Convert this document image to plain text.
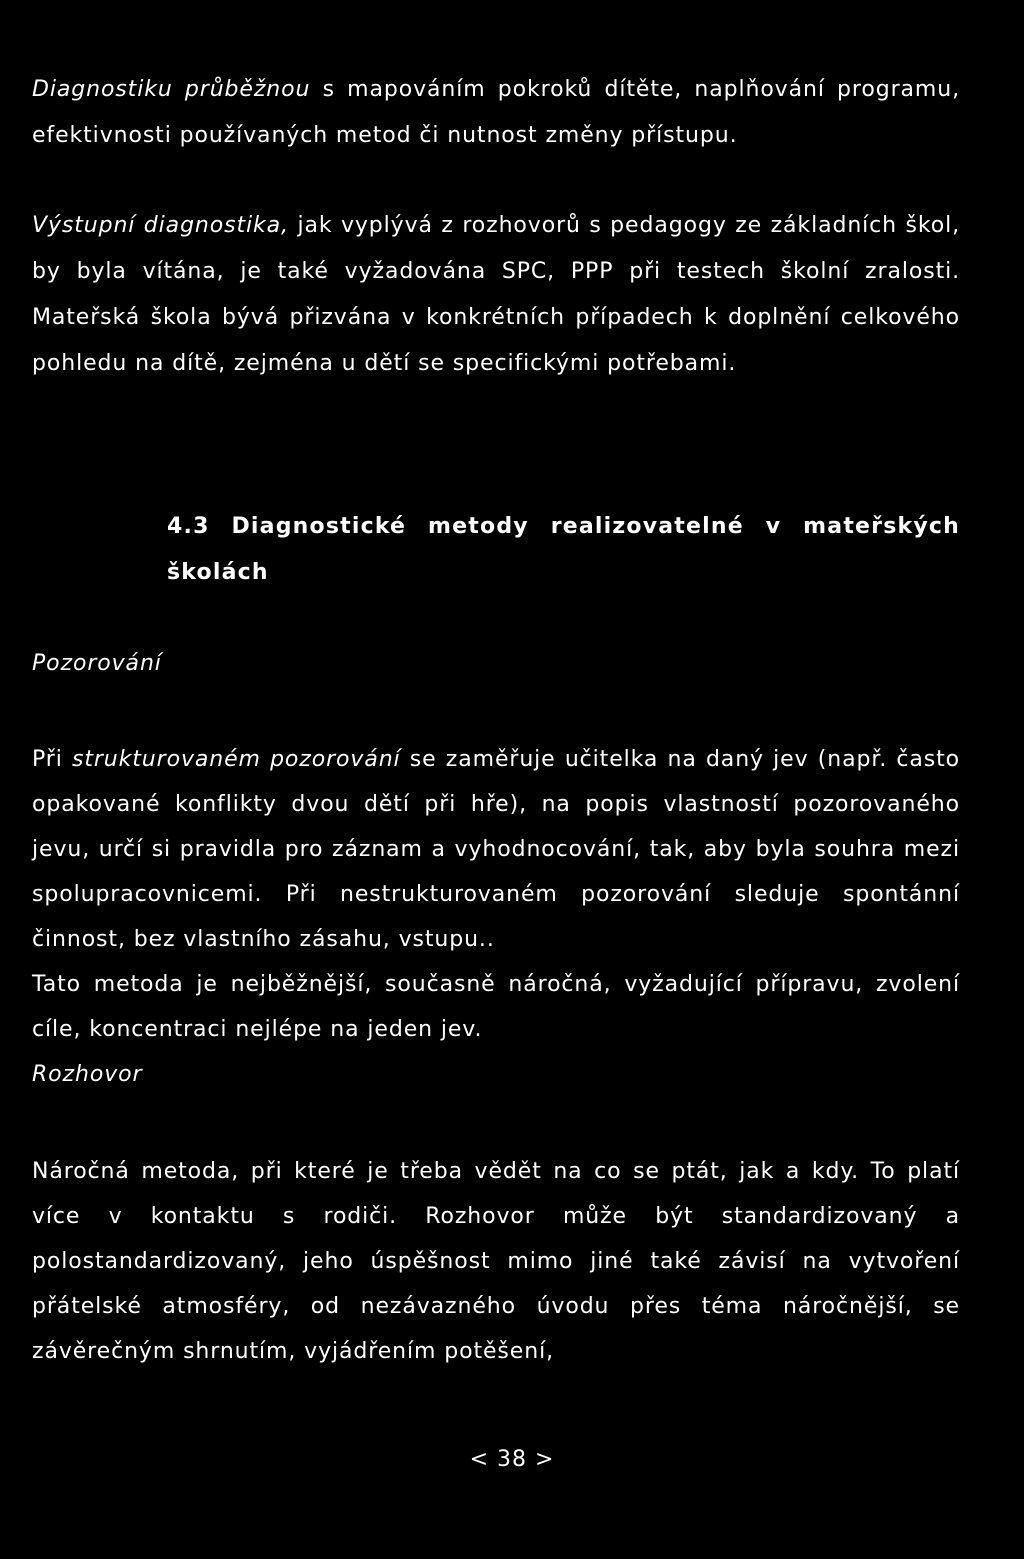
Diagnostiku průběžnou s mapováním pokroků dítěte, naplňování programu, efektivnosti používaných metod či nutnost změny přístupu.

Výstupní diagnostika, jak vyplývá z rozhovorů s pedagogy ze základních škol, by byla vítána, je také vyžadována SPC, PPP při testech školní zralosti. Mateřská škola bývá přizvána v konkrétních případech k doplnění celkového pohledu na dítě, zejména u dětí se specifickými potřebami.

4.3 Diagnostické metody realizovatelné v mateřských školách

Pozorování

Při strukturovaném pozorování se zaměřuje učitelka na daný jev (např. často opakované konflikty dvou dětí při hře), na popis vlastností pozorovaného jevu, určí si pravidla pro záznam a vyhodnocování, tak, aby byla souhra mezi spolupracovnicemi. Při nestrukturovaném pozorování sleduje spontánní činnost, bez vlastního zásahu, vstupu..

Tato metoda je nejběžnější, současně náročná, vyžadující přípravu, zvolení cíle, koncentraci nejlépe na jeden jev.

Rozhovor

Náročná metoda, při které je třeba vědět na co se ptát, jak a kdy. To platí více v kontaktu s rodiči. Rozhovor může být standardizovaný a polostandardizovaný, jeho úspěšnost mimo jiné také závisí na vytvoření přátelské atmosféry, od nezávazného úvodu přes téma náročnější, se závěrečným shrnutím, vyjádřením potěšení,

< 38 >
